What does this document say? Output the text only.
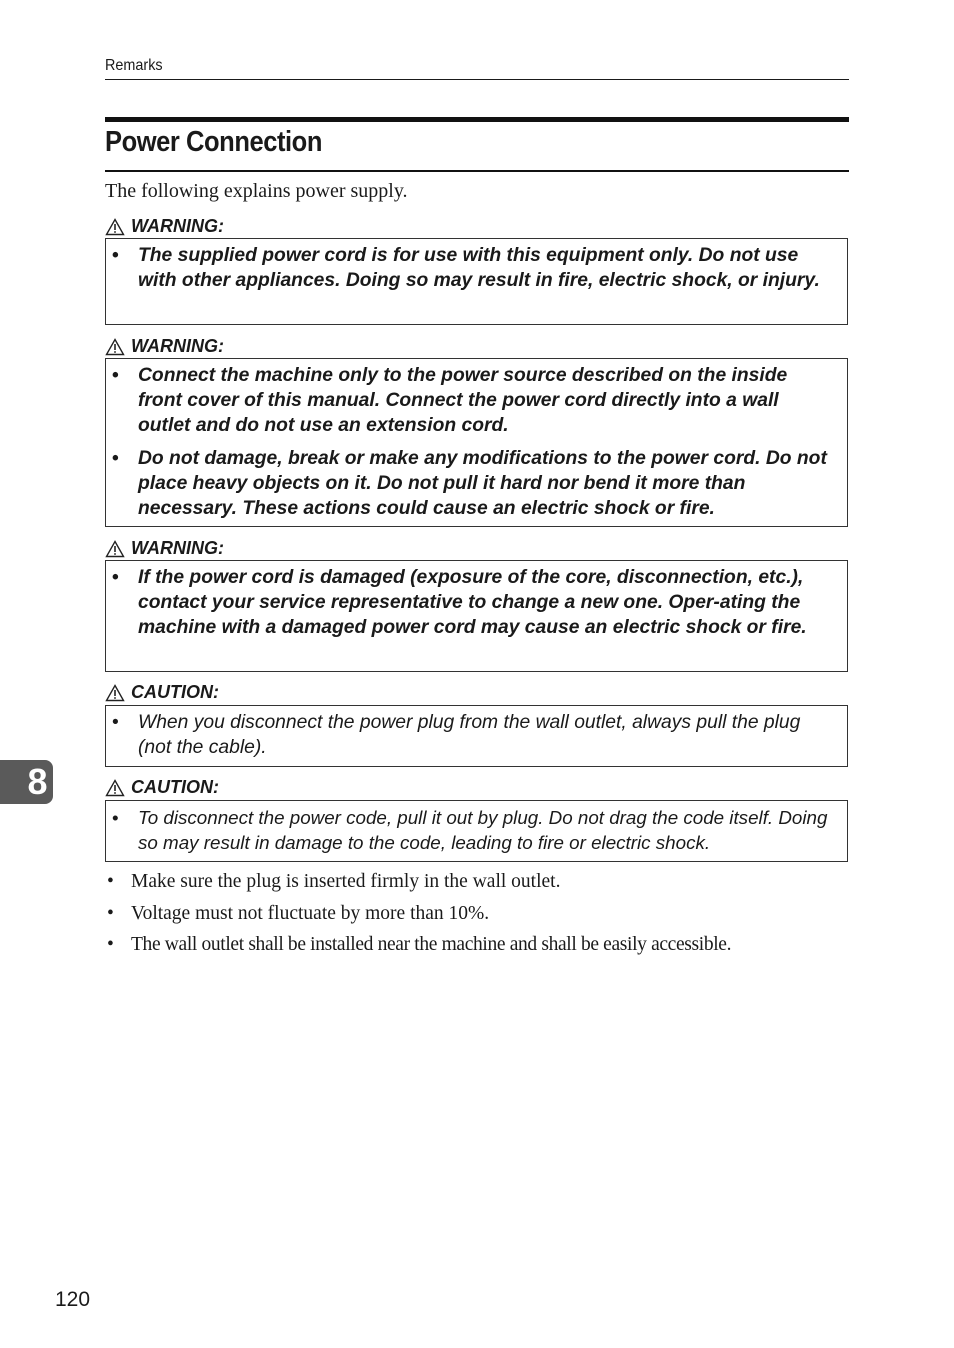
Remarks
Power Connection
The following explains power supply.
WARNING:
• The supplied power cord is for use with this equipment only. Do not use with other appliances. Doing so may result in fire, electric shock, or injury.
WARNING:
• Connect the machine only to the power source described on the inside front cover of this manual. Connect the power cord directly into a wall outlet and do not use an extension cord.
• Do not damage, break or make any modifications to the power cord. Do not place heavy objects on it. Do not pull it hard nor bend it more than necessary. These actions could cause an electric shock or fire.
WARNING:
• If the power cord is damaged (exposure of the core, disconnection, etc.), contact your service representative to change a new one. Oper-ating the machine with a damaged power cord may cause an electric shock or fire.
CAUTION:
• When you disconnect the power plug from the wall outlet, always pull the plug (not the cable).
CAUTION:
• To disconnect the power code, pull it out by plug. Do not drag the code itself. Doing so may result in damage to the code, leading to fire or electric shock.
• Make sure the plug is inserted firmly in the wall outlet.
• Voltage must not fluctuate by more than 10%.
• The wall outlet shall be installed near the machine and shall be easily accessible.
8
120
